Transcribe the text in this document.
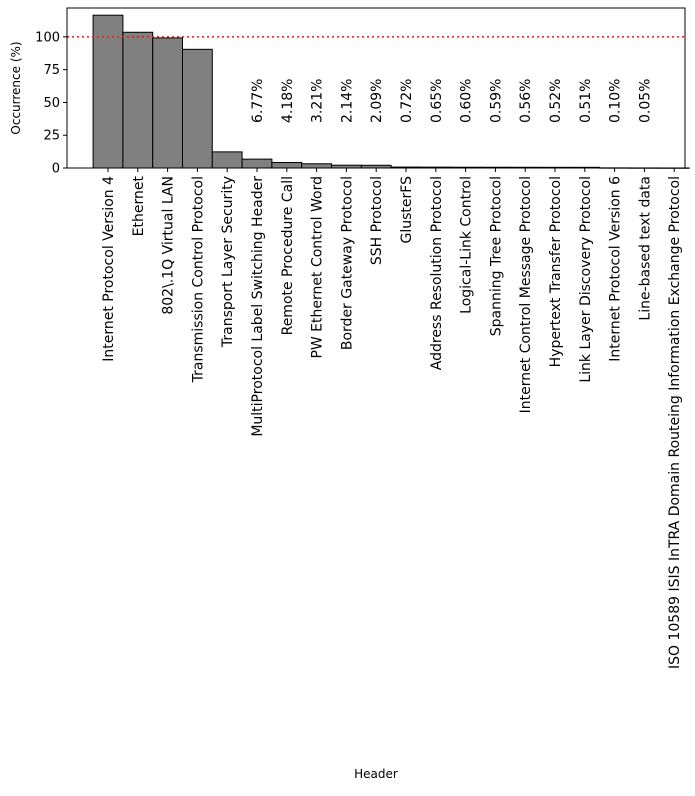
6.77% 4.18% 3.21% 2.14% 2.09% 0.72% 0.65% 0.60% 0.59% 0.56% 0.52% 0.51% 0.10% 0.05%
0
25
50
75
100
Internet Protocol Version 4 Ethernet 802\.1Q Virtual LAN Transmission Control Protocol Transport Layer Security MultiProtocol Label Switching Header Remote Procedure Call PW Ethernet Control Word Border Gateway Protocol SSH Protocol GlusterFS Address Resolution Protocol Logical-Link Control Spanning Tree Protocol Internet Control Message Protocol Hypertext Transfer Protocol Link Layer Discovery Protocol Internet Protocol Version 6 Line-based text data ISO 10589 ISIS InTRA Domain Routeing Information Exchange Protocol
Occurrence (%)
Header
